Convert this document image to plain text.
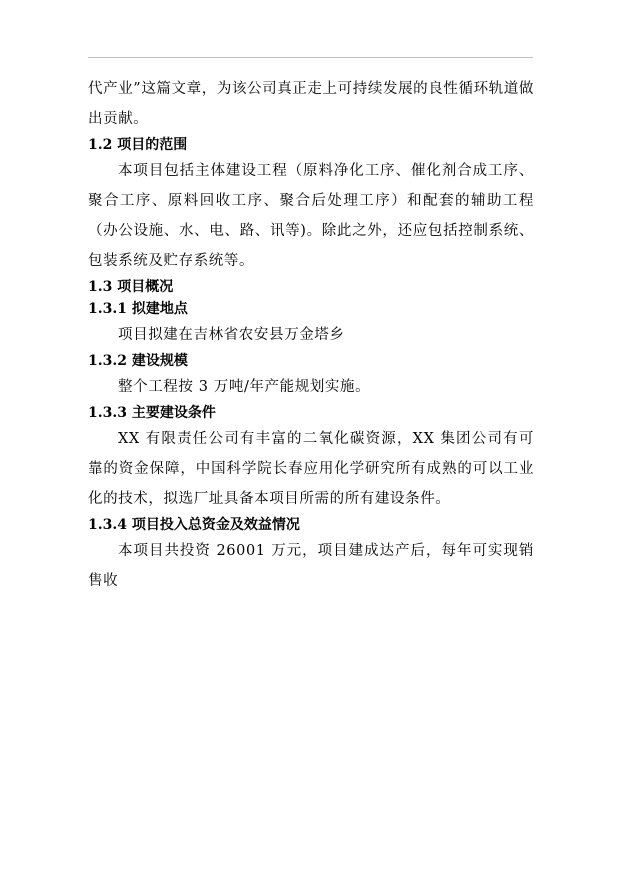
代产业”这篇文章，为该公司真正走上可持续发展的良性循环轨道做出贡献。

1.2 项目的范围

本项目包括主体建设工程（原料净化工序、催化剂合成工序、聚合工序、原料回收工序、聚合后处理工序）和配套的辅助工程（办公设施、水、电、路、讯等)。除此之外，还应包括控制系统、包装系统及贮存系统等。

1.3 项目概况
1.3.1 拟建地点

项目拟建在吉林省农安县万金塔乡

1.3.2 建设规模

整个工程按 3 万吨/年产能规划实施。

1.3.3 主要建设条件

XX 有限责任公司有丰富的二氧化碳资源，XX 集团公司有可靠的资金保障，中国科学院长春应用化学研究所有成熟的可以工业化的技术，拟选厂址具备本项目所需的所有建设条件。

1.3.4 项目投入总资金及效益情况

本项目共投资 26001 万元，项目建成达产后，每年可实现销售收
